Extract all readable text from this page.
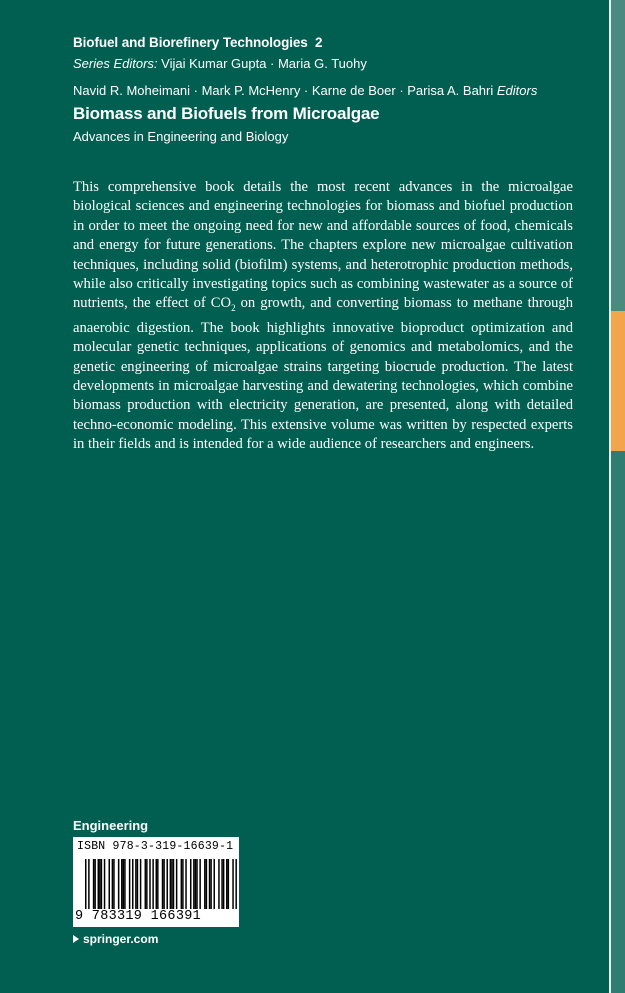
Biofuel and Biorefinery Technologies 2
Series Editors: Vijai Kumar Gupta · Maria G. Tuohy
Navid R. Moheimani · Mark P. McHenry · Karne de Boer · Parisa A. Bahri Editors
Biomass and Biofuels from Microalgae
Advances in Engineering and Biology

This comprehensive book details the most recent advances in the microalgae biological sciences and engineering technologies for biomass and biofuel production in order to meet the ongoing need for new and affordable sources of food, chemicals and energy for future generations. The chapters explore new microalgae cultivation techniques, including solid (biofilm) systems, and heterotrophic production methods, while also critically investigating topics such as combining wastewater as a source of nutrients, the effect of $CO_2$ on growth, and converting biomass to methane through anaerobic digestion. The book highlights innovative bioproduct optimization and molecular genetic techniques, applications of genomics and metabolomics, and the genetic engineering of microalgae strains targeting biocrude production. The latest developments in microalgae harvesting and dewatering technologies, which combine biomass production with electricity generation, are presented, along with detailed techno-economic modeling. This extensive volume was written by respected experts in their fields and is intended for a wide audience of researchers and engineers.

Engineering
ISBN 978-3-319-16639-1
9 783319 166391
springer.com
